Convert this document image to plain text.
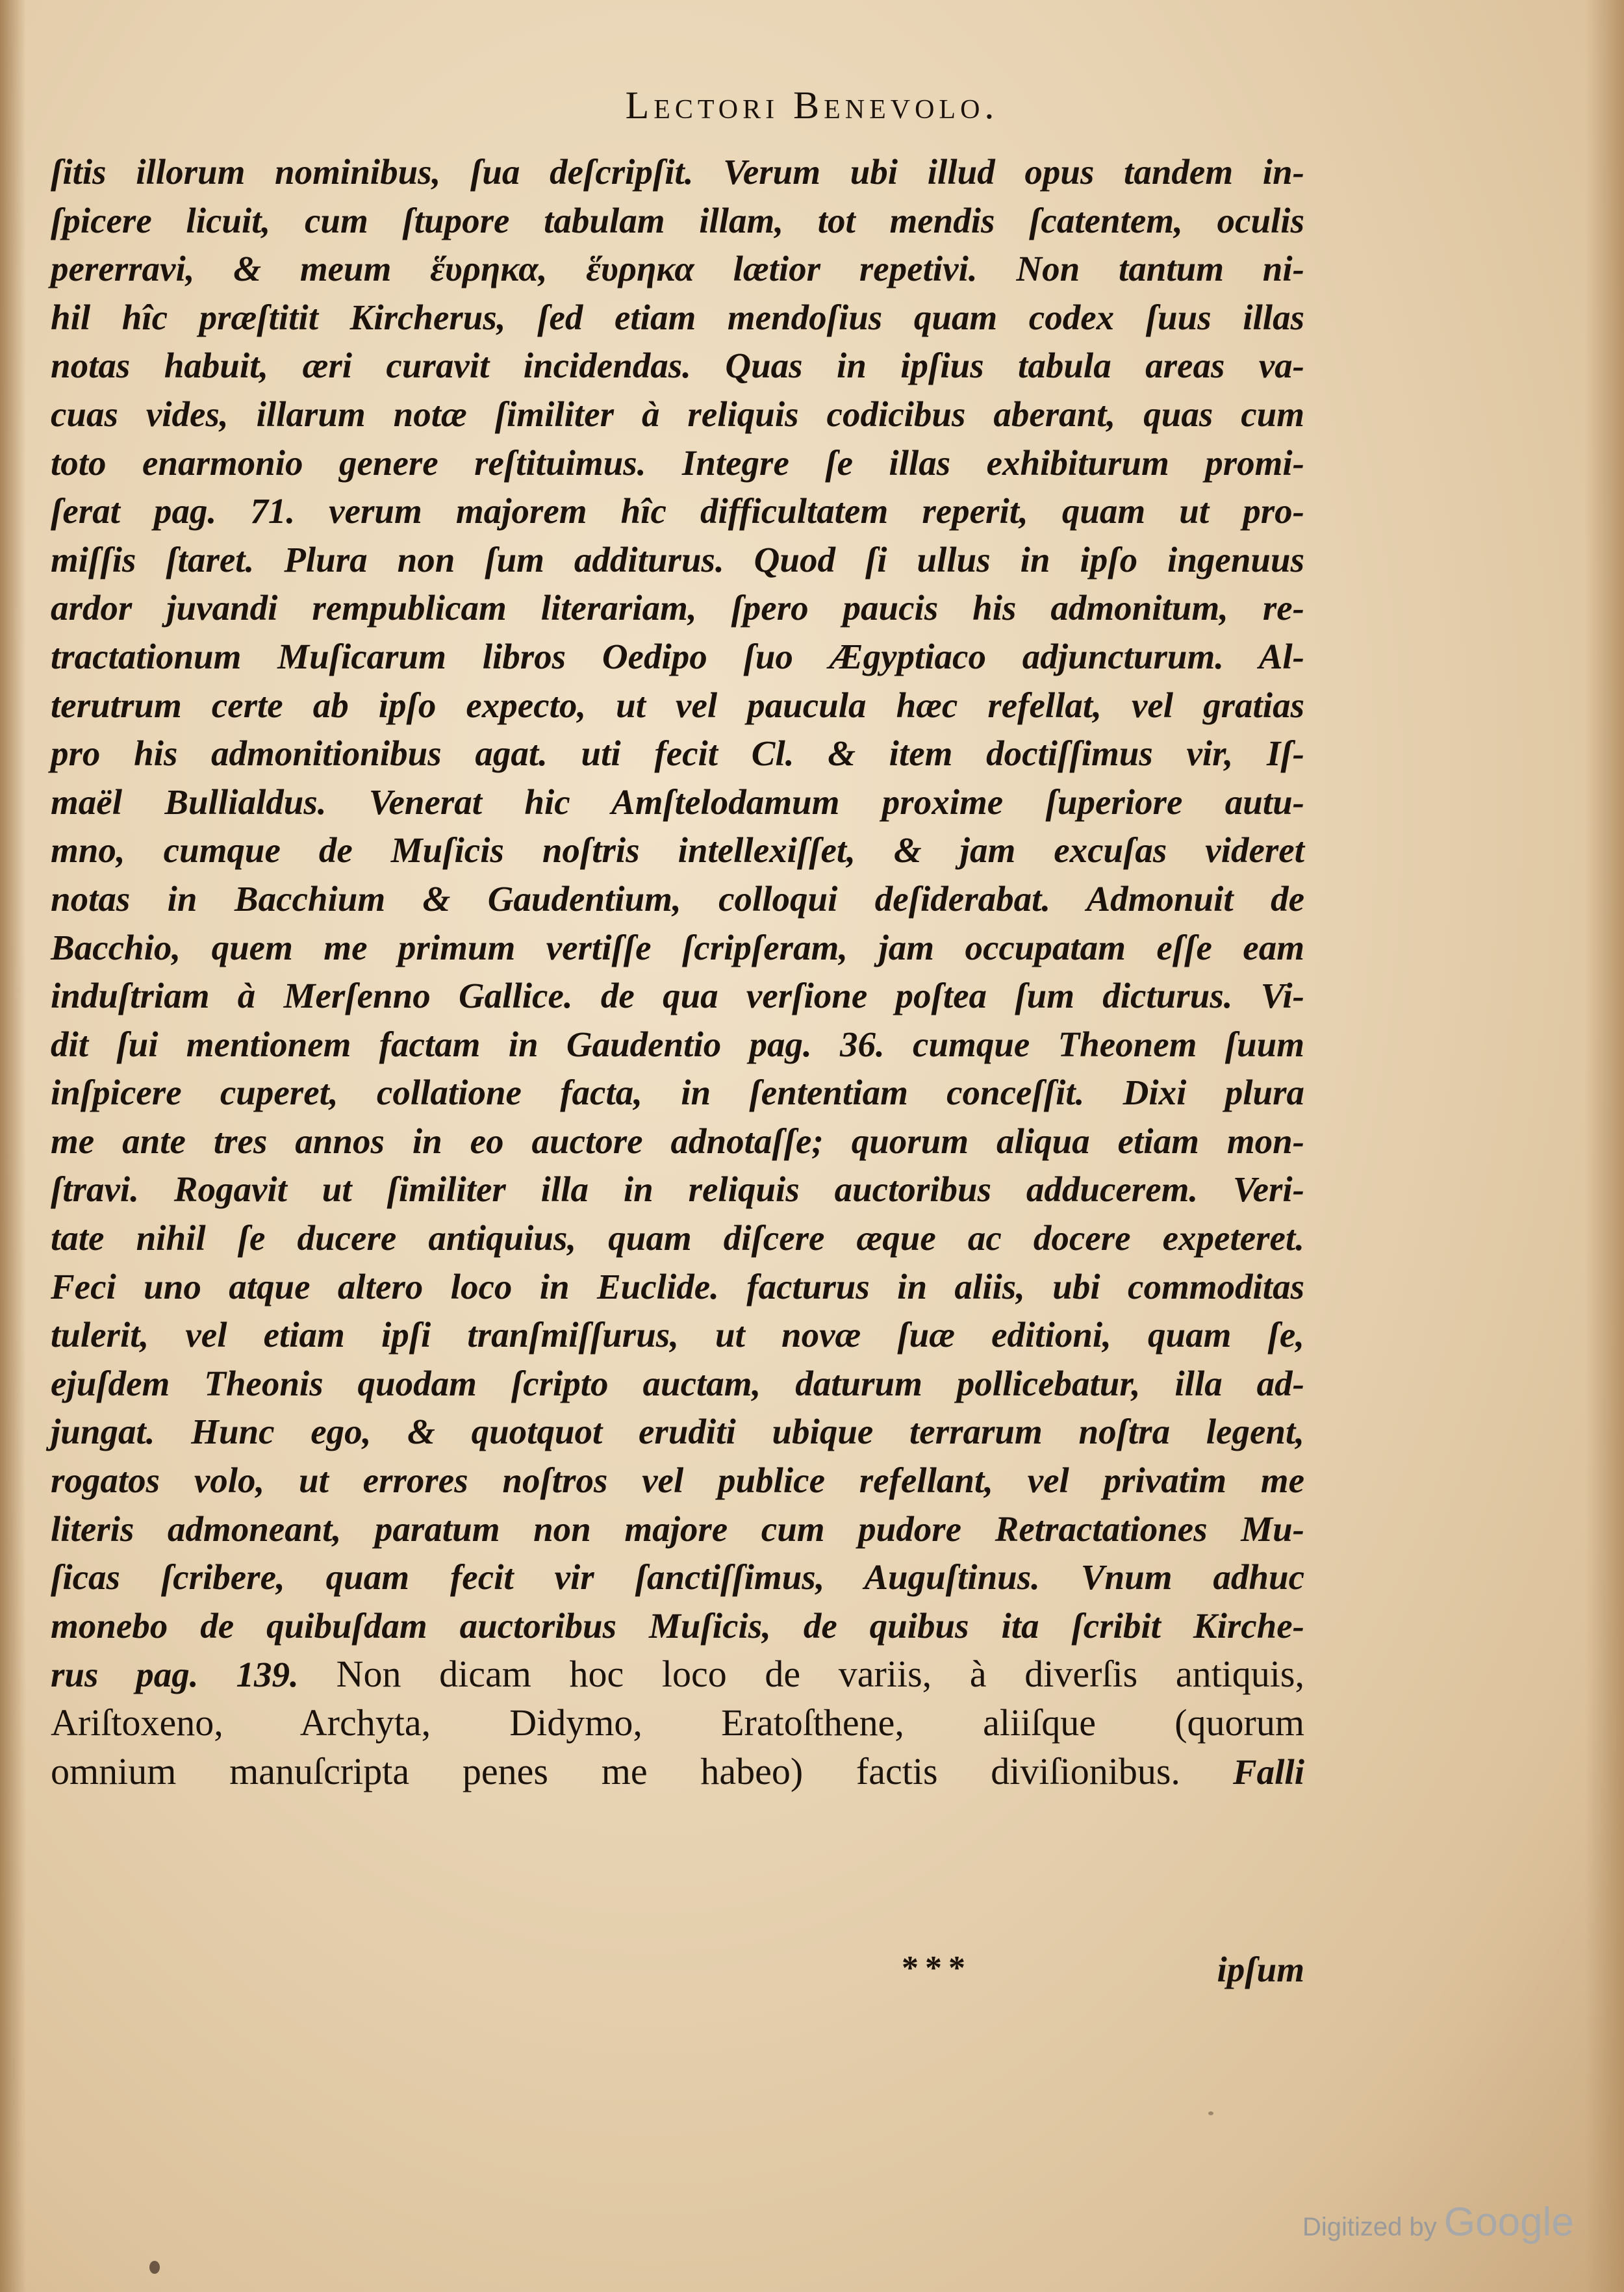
Lectori Benevolo.
ſitis illorum nominibus, ſua deſcripſit. Verum ubi illud opus tandem in-
ſpicere licuit, cum ſtupore tabulam illam, tot mendis ſcatentem, oculis
pererravi, & meum ἕυρηκα, ἕυρηκα lætior repetivi. Non tantum ni-
hil hîc præſtitit Kircherus, ſed etiam mendoſius quam codex ſuus illas
notas habuit, æri curavit incidendas. Quas in ipſius tabula areas va-
cuas vides, illarum notæ ſimiliter à reliquis codicibus aberant, quas cum
toto enarmonio genere reſtituimus. Integre ſe illas exhibiturum promi-
ſerat pag. 71. verum majorem hîc difficultatem reperit, quam ut pro-
miſſis ſtaret. Plura non ſum additurus. Quod ſi ullus in ipſo ingenuus
ardor juvandi rempublicam literariam, ſpero paucis his admonitum, re-
tractationum Muſicarum libros Oedipo ſuo Ægyptiaco adjuncturum. Al-
terutrum certe ab ipſo expecto, ut vel paucula hæc refellat, vel gratias
pro his admonitionibus agat. uti fecit Cl. & item doctiſſimus vir, Iſ-
maël Bullialdus. Venerat hic Amſtelodamum proxime ſuperiore autu-
mno, cumque de Muſicis noſtris intellexiſſet, & jam excuſas videret
notas in Bacchium & Gaudentium, colloqui deſiderabat. Admonuit de
Bacchio, quem me primum vertiſſe ſcripſeram, jam occupatam eſſe eam
induſtriam à Merſenno Gallice. de qua verſione poſtea ſum dicturus. Vi-
dit ſui mentionem factam in Gaudentio pag. 36. cumque Theonem ſuum
inſpicere cuperet, collatione facta, in ſententiam conceſſit. Dixi plura
me ante tres annos in eo auctore adnotaſſe; quorum aliqua etiam mon-
ſtravi. Rogavit ut ſimiliter illa in reliquis auctoribus adducerem. Veri-
tate nihil ſe ducere antiquius, quam diſcere æque ac docere expeteret.
Feci uno atque altero loco in Euclide. facturus in aliis, ubi commoditas
tulerit, vel etiam ipſi tranſmiſſurus, ut novæ ſuæ editioni, quam ſe,
ejuſdem Theonis quodam ſcripto auctam, daturum pollicebatur, illa ad-
jungat. Hunc ego, & quotquot eruditi ubique terrarum noſtra legent,
rogatos volo, ut errores noſtros vel publice refellant, vel privatim me
literis admoneant, paratum non majore cum pudore Retractationes Mu-
ſicas ſcribere, quam fecit vir ſanctiſſimus, Auguſtinus. Vnum adhuc
monebo de quibuſdam auctoribus Muſicis, de quibus ita ſcribit Kirche-
rus pag. 139. Non dicam hoc loco de variis, à diverſis antiquis,
Ariſtoxeno, Archyta, Didymo, Eratoſthene, aliiſque (quorum
omnium manuſcripta penes me habeo) factis diviſionibus. Falli
***	ipſum
Digitized by Google
